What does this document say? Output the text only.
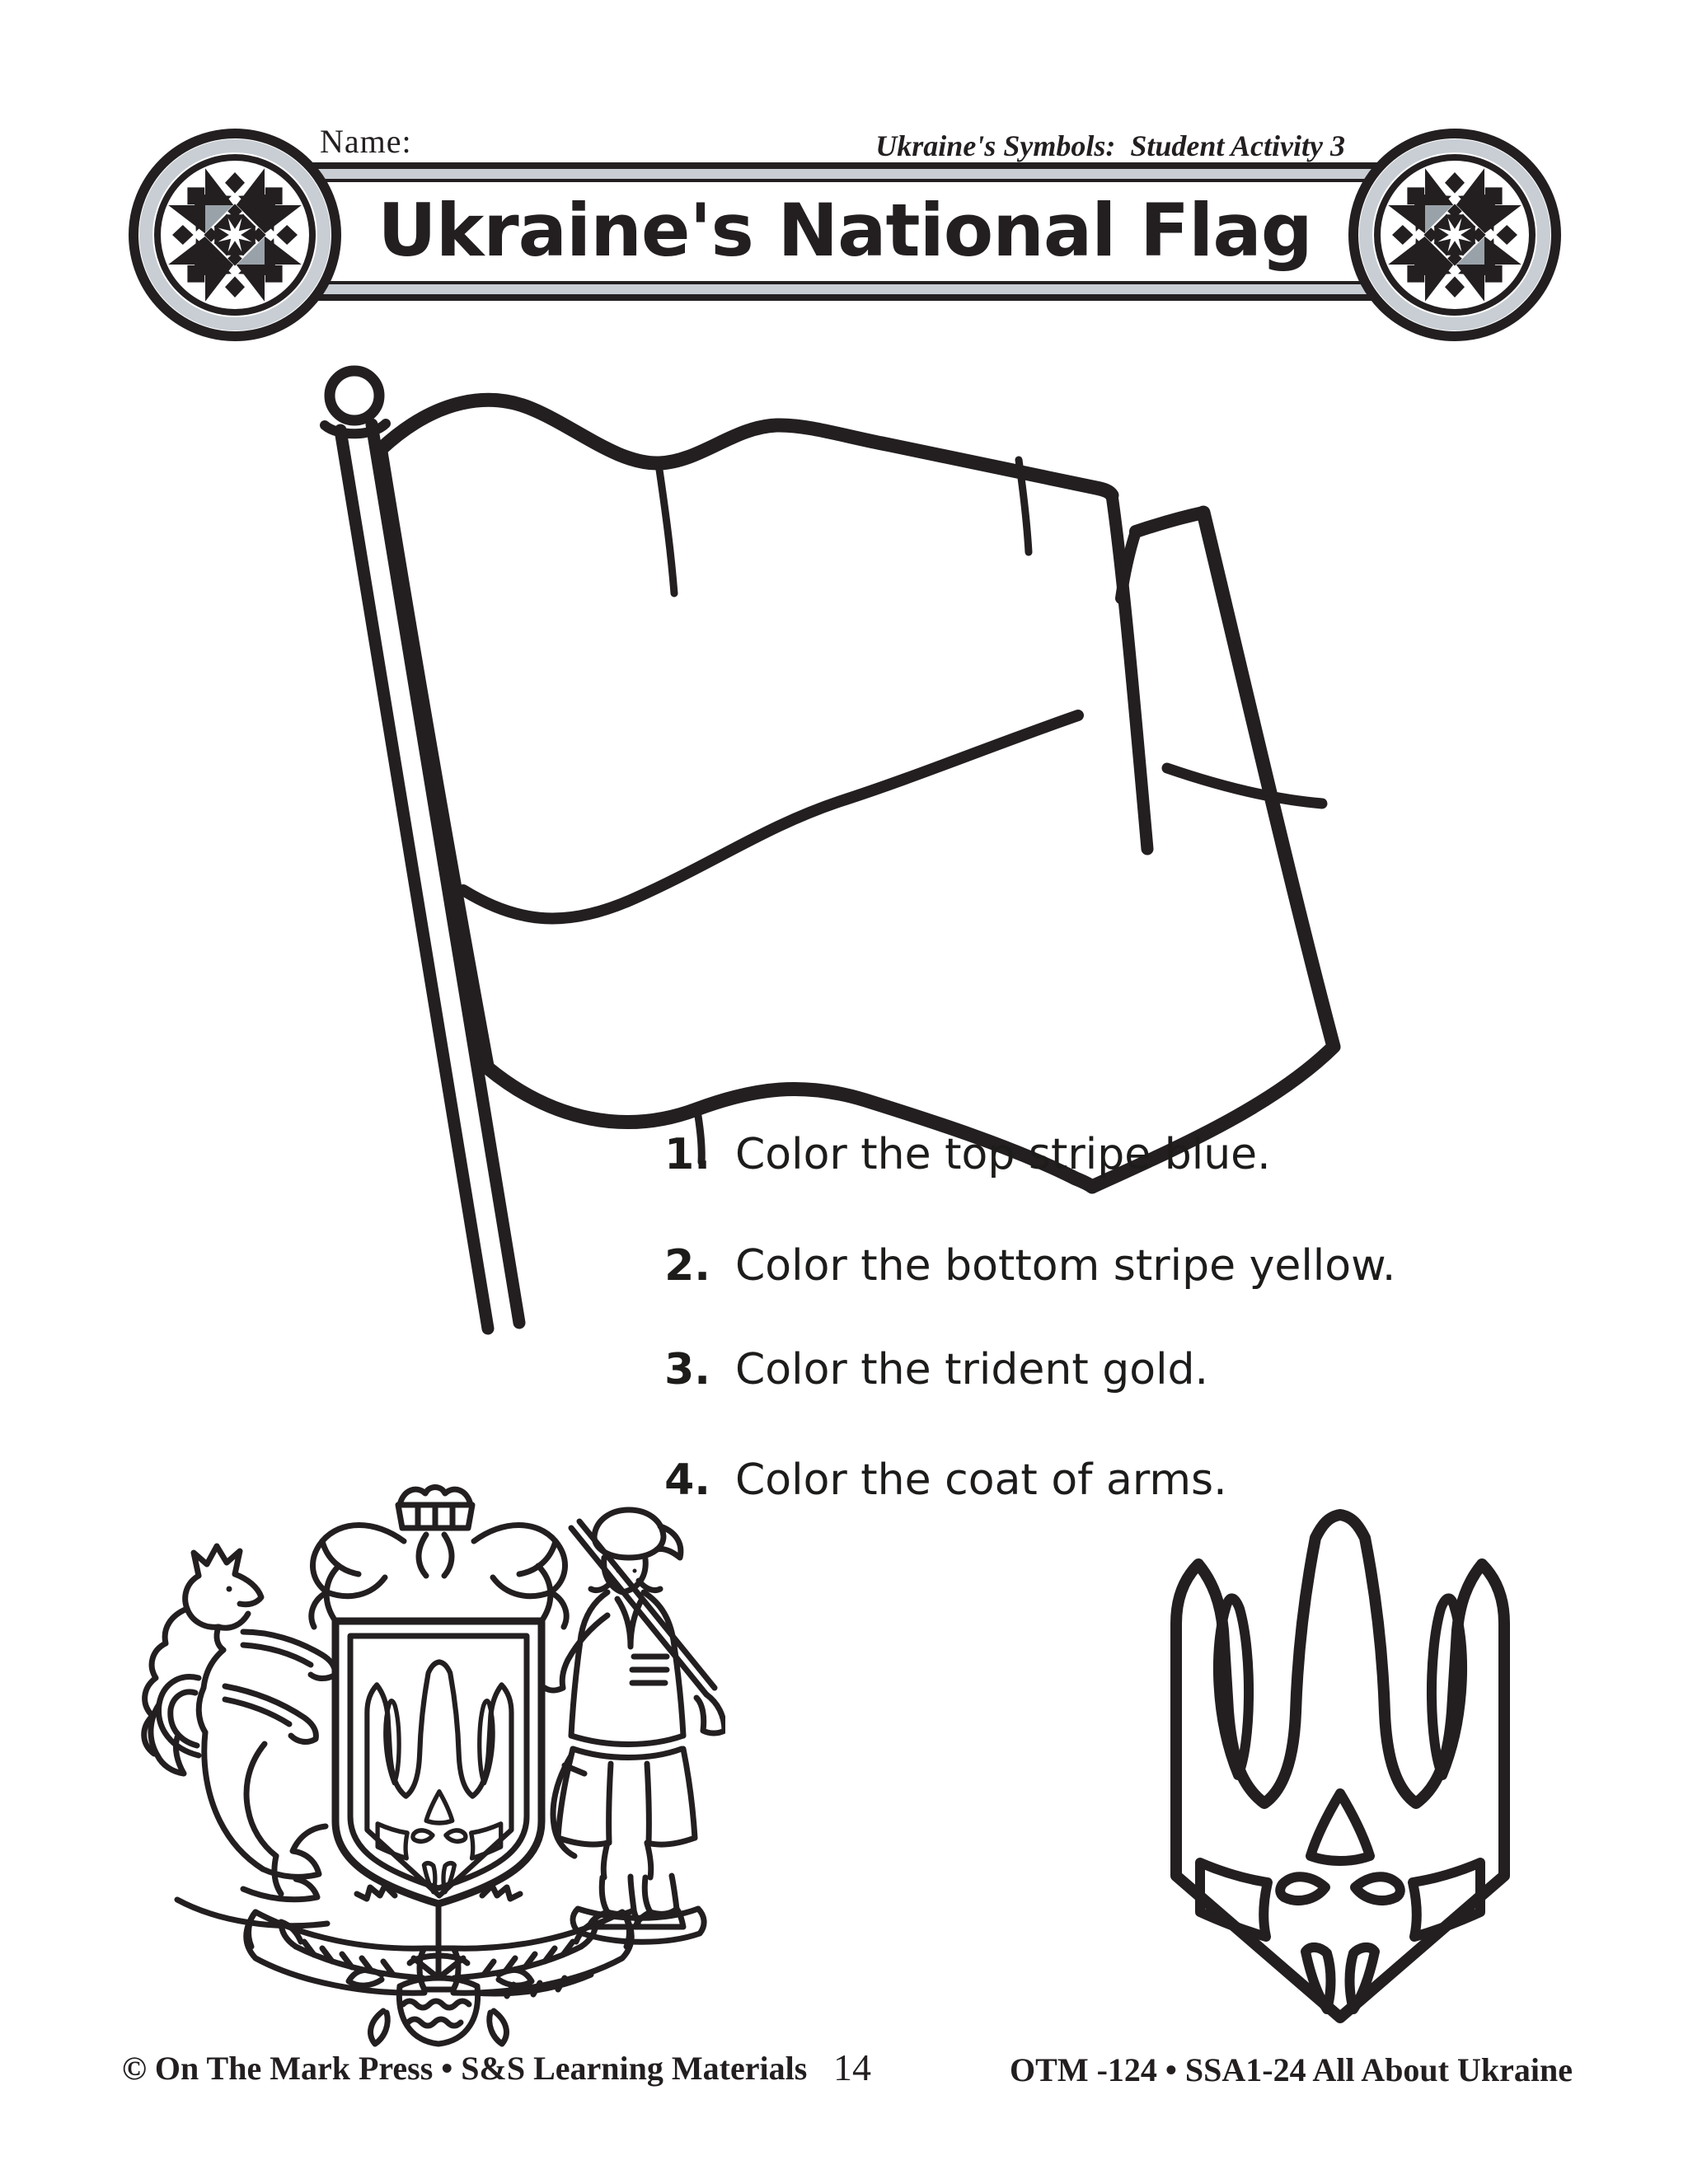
Name:	Ukraine's Symbols:  Student Activity 3
Ukraine's National Flag
1. Color the top stripe blue.
2. Color the bottom stripe yellow.
3. Color the trident gold.
4. Color the coat of arms.
© On The Mark Press • S&S Learning Materials 14	OTM -124 • SSA1-24 All About Ukraine
